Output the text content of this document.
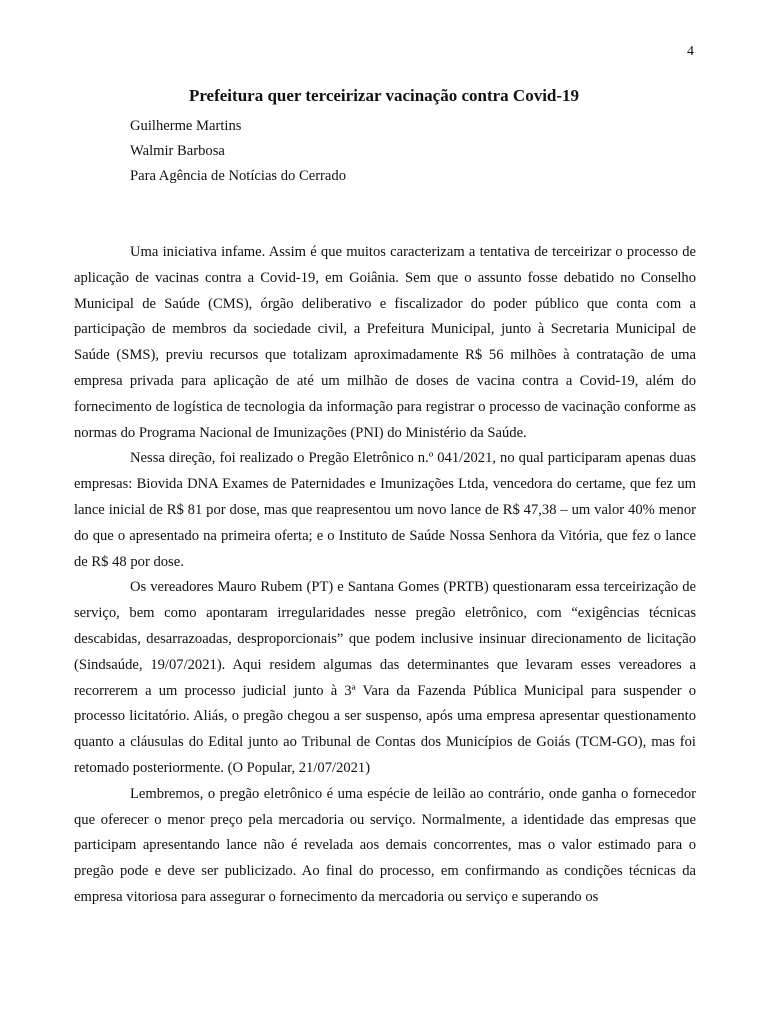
4
Prefeitura quer terceirizar vacinação contra Covid-19

Guilherme Martins

Walmir Barbosa

Para Agência de Notícias do Cerrado

Uma iniciativa infame. Assim é que muitos caracterizam a tentativa de terceirizar o processo de aplicação de vacinas contra a Covid-19, em Goiânia. Sem que o assunto fosse debatido no Conselho Municipal de Saúde (CMS), órgão deliberativo e fiscalizador do poder público que conta com a participação de membros da sociedade civil, a Prefeitura Municipal, junto à Secretaria Municipal de Saúde (SMS), previu recursos que totalizam aproximadamente R$ 56 milhões à contratação de uma empresa privada para aplicação de até um milhão de doses de vacina contra a Covid-19, além do fornecimento de logística de tecnologia da informação para registrar o processo de vacinação conforme as normas do Programa Nacional de Imunizações (PNI) do Ministério da Saúde.

Nessa direção, foi realizado o Pregão Eletrônico n.º 041/2021, no qual participaram apenas duas empresas: Biovida DNA Exames de Paternidades e Imunizações Ltda, vencedora do certame, que fez um lance inicial de R$ 81 por dose, mas que reapresentou um novo lance de R$ 47,38 – um valor 40% menor do que o apresentado na primeira oferta; e o Instituto de Saúde Nossa Senhora da Vitória, que fez o lance de R$ 48 por dose.

Os vereadores Mauro Rubem (PT) e Santana Gomes (PRTB) questionaram essa terceirização de serviço, bem como apontaram irregularidades nesse pregão eletrônico, com “exigências técnicas descabidas, desarrazoadas, desproporcionais” que podem inclusive insinuar direcionamento de licitação (Sindsaúde, 19/07/2021). Aqui residem algumas das determinantes que levaram esses vereadores a recorrerem a um processo judicial junto à 3ª Vara da Fazenda Pública Municipal para suspender o processo licitatório. Aliás, o pregão chegou a ser suspenso, após uma empresa apresentar questionamento quanto a cláusulas do Edital junto ao Tribunal de Contas dos Municípios de Goiás (TCM-GO), mas foi retomado posteriormente. (O Popular, 21/07/2021)

Lembremos, o pregão eletrônico é uma espécie de leilão ao contrário, onde ganha o fornecedor que oferecer o menor preço pela mercadoria ou serviço. Normalmente, a identidade das empresas que participam apresentando lance não é revelada aos demais concorrentes, mas o valor estimado para o pregão pode e deve ser publicizado. Ao final do processo, em confirmando as condições técnicas da empresa vitoriosa para assegurar o fornecimento da mercadoria ou serviço e superando os
